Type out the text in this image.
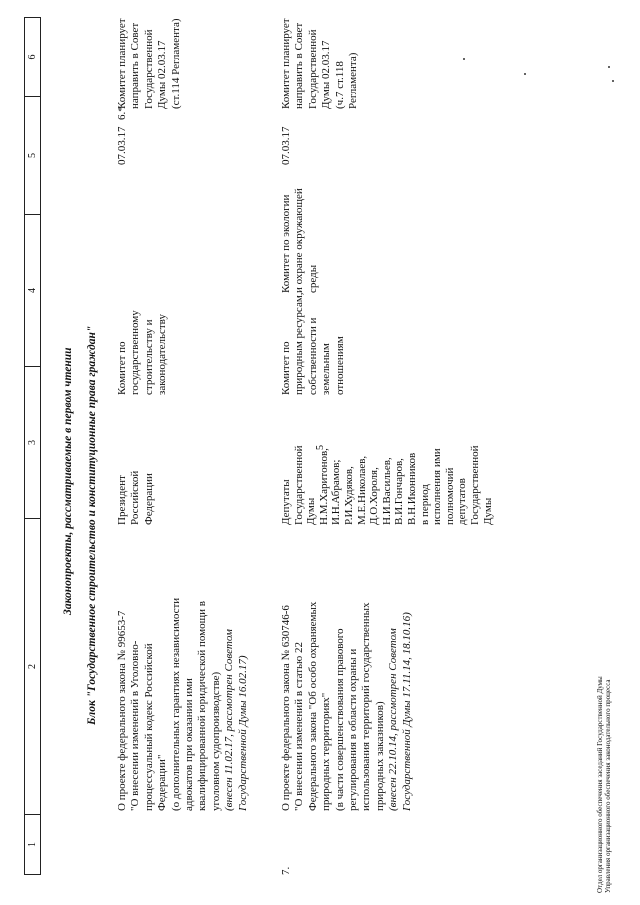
5
1
2
3
4
5
6
Законопроекты, рассматриваемые в первом чтении Блок "Государственное строительство и конституционные права граждан"
6.*
О проекте федерального закона № 99653-7 "О внесении изменений в Уголовно- процессуальный кодекс Российской Федерации" (о дополнительных гарантиях независимости адвокатов при оказании ими квалифицированной юридической помощи в уголовном судопроизводстве) (внесен 11.02.17, рассмотрен Советом Государственной Думы 16.02.17)
Президент Российской Федерации
Комитет по государственному строительству и законодательству
07.03.17
Комитет планирует направить в Совет Государственной Думы 02.03.17 (ст.114 Регламента)
7.
О проекте федерального закона № 630746-6 "О внесении изменений в статью 22 Федерального закона "Об особо охраняемых природных территориях" (в части совершенствования правового регулирования в области охраны и использования территорий государственных природных заказников) (внесен 22.10.14, рассмотрен Советом Государственной Думы 17.11.14, 18.10.16)
Депутаты Государственной Думы Н.М.Харитонов, И.Н.Абрамов; Р.И.Худяков, М.Е.Николаев, Д.О.Хороля, Н.И.Васильев, В.И.Гончаров, В.Н.Иконников в период исполнения ими полномочий депутатов Государственной Думы
Комитет по природным ресурсам, собственности и земельным отношениям
Комитет по экологии и охране окружающей среды
07.03.17
Комитет планирует направить в Совет Государственной Думы 02.03.17 (ч.7 ст.118 Регламента)
Отдел организационного обеспечения заседаний Государственной Думы Управления организационного обеспечения законодательного процесса
